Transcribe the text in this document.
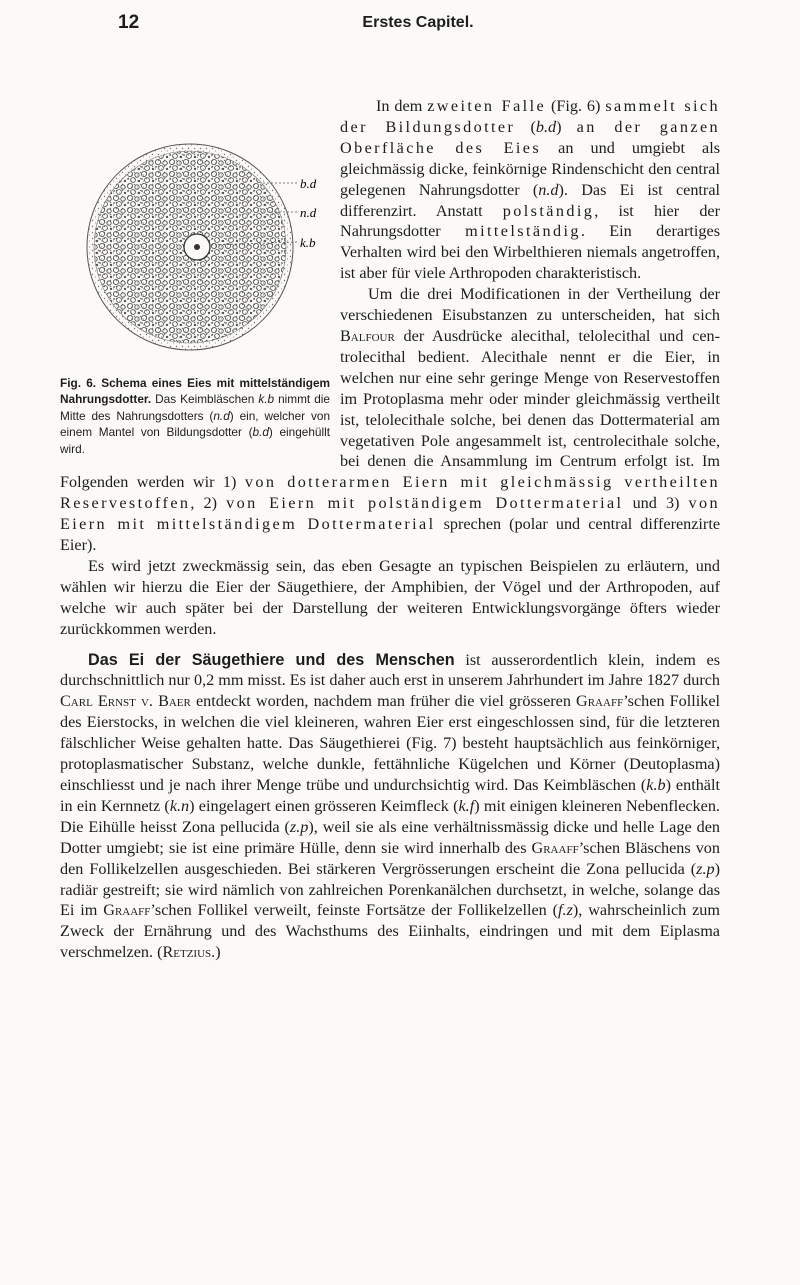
12	Erstes Capitel.
b.d
n.d
k.b
Fig. 6. Schema eines Eies mit mittelständigem Nahrungsdotter. Das Keimbläschen k.b nimmt die Mitte des Nahrungsdotters (n.d) ein, welcher von einem Mantel von Bildungsdotter (b.d) eingehüllt wird.

In dem zweiten Falle (Fig. 6) sammelt sich der Bildungsdotter (b.d) an der ganzen Oberfläche des Eies an und umgiebt als gleichmässig dicke, feinkörnige Rindenschicht den central gelegenen Nahrungsdotter (n.d). Das Ei ist central differenzirt. Anstatt polständig, ist hier der Nahrungsdotter mittelständig. Ein derartiges Verhalten wird bei den Wirbelthieren niemals angetroffen, ist aber für viele Arthropoden charakteristisch.

Um die drei Modificationen in der Vertheilung der verschiedenen Eisubstanzen zu unterscheiden, hat sich Balfour der Ausdrücke alecithal, telolecithal und centrolecithal bedient. Alecithale nennt er die Eier, in welchen nur eine sehr geringe Menge von Reservestoffen im Protoplasma mehr oder minder gleichmässig vertheilt ist, telolecithale solche, bei denen das Dottermaterial am vegetativen Pole angesammelt ist, centrolecithale solche, bei denen die Ansammlung im Centrum erfolgt ist. Im Folgenden werden wir 1) von dotterarmen Eiern mit gleichmässig vertheilten Reservestoffen, 2) von Eiern mit polständigem Dottermaterial und 3) von Eiern mit mittelständigem Dottermaterial sprechen (polar und central differenzirte Eier).

Es wird jetzt zweckmässig sein, das eben Gesagte an typischen Beispielen zu erläutern, und wählen wir hierzu die Eier der Säugethiere, der Amphibien, der Vögel und der Arthropoden, auf welche wir auch später bei der Darstellung der weiteren Entwicklungsvorgänge öfters wieder zurückkommen werden.

Das Ei der Säugethiere und des Menschen ist ausserordentlich klein, indem es durchschnittlich nur 0,2 mm misst. Es ist daher auch erst in unserem Jahrhundert im Jahre 1827 durch Carl Ernst v. Baer entdeckt worden, nachdem man früher die viel grösseren Graaff’schen Follikel des Eierstocks, in welchen die viel kleineren, wahren Eier erst eingeschlossen sind, für die letzteren fälschlicher Weise gehalten hatte. Das Säugethierei (Fig. 7) besteht hauptsächlich aus feinkörniger, protoplasmatischer Substanz, welche dunkle, fettähnliche Kügelchen und Körner (Deutoplasma) einschliesst und je nach ihrer Menge trübe und undurchsichtig wird. Das Keimbläschen (k.b) enthält in ein Kernnetz (k.n) eingelagert einen grösseren Keimfleck (k.f) mit einigen kleineren Nebenflecken. Die Eihülle heisst Zona pellucida (z.p), weil sie als eine verhältnissmässig dicke und helle Lage den Dotter umgiebt; sie ist eine primäre Hülle, denn sie wird innerhalb des Graaff’schen Bläschens von den Follikelzellen ausgeschieden. Bei stärkeren Vergrösserungen erscheint die Zona pellucida (z.p) radiär gestreift; sie wird nämlich von zahlreichen Porenkanälchen durchsetzt, in welche, solange das Ei im Graaff’schen Follikel verweilt, feinste Fortsätze der Follikelzellen (f.z), wahrscheinlich zum Zweck der Ernährung und des Wachsthums des Eiinhalts, eindringen und mit dem Eiplasma verschmelzen. (Retzius.)
